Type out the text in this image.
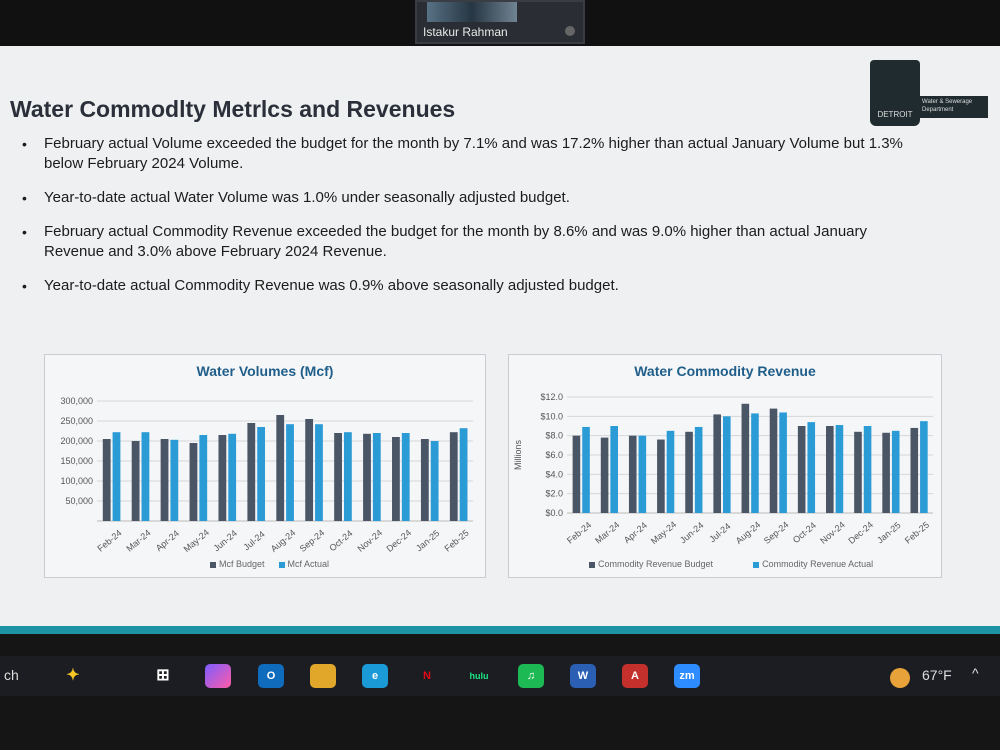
Istakur Rahman
Water Commodlty Metrlcs and Revenues	DETROIT
Water & Sewerage Department
• February actual Volume exceeded the budget for the month by 7.1% and was 17.2% higher than actual January Volume but 1.3% below February 2024 Volume.
• Year-to-date actual Water Volume was 1.0% under seasonally adjusted budget.
• February actual Commodity Revenue exceeded the budget for the month by 8.6% and was 9.0% higher than actual January Revenue and 3.0% above February 2024 Revenue.
• Year-to-date actual Commodity Revenue was 0.9% above seasonally adjusted budget.
Water Volumes (Mcf)
50,000
100,000
150,000
200,000
250,000
300,000
Feb-24 Mar-24 Apr-24 May-24 Jun-24 Jul-24 Aug-24 Sep-24 Oct-24 Nov-24 Dec-24 Jan-25 Feb-25
Mcf Budget	Mcf Actual
Water Commodity Revenue
$0.0
$2.0
$4.0
$6.0
$8.0
$10.0
$12.0
Feb-24 Mar-24 Apr-24 May-24 Jun-24 Jul-24 Aug-24 Sep-24 Oct-24 Nov-24 Dec-24 Jan-25 Feb-25
Millions
Commodity Revenue Budget	Commodity Revenue Actual
ch	✦	⊞	O	e	N	hulu	♫	W	A	zm	67°F ^
